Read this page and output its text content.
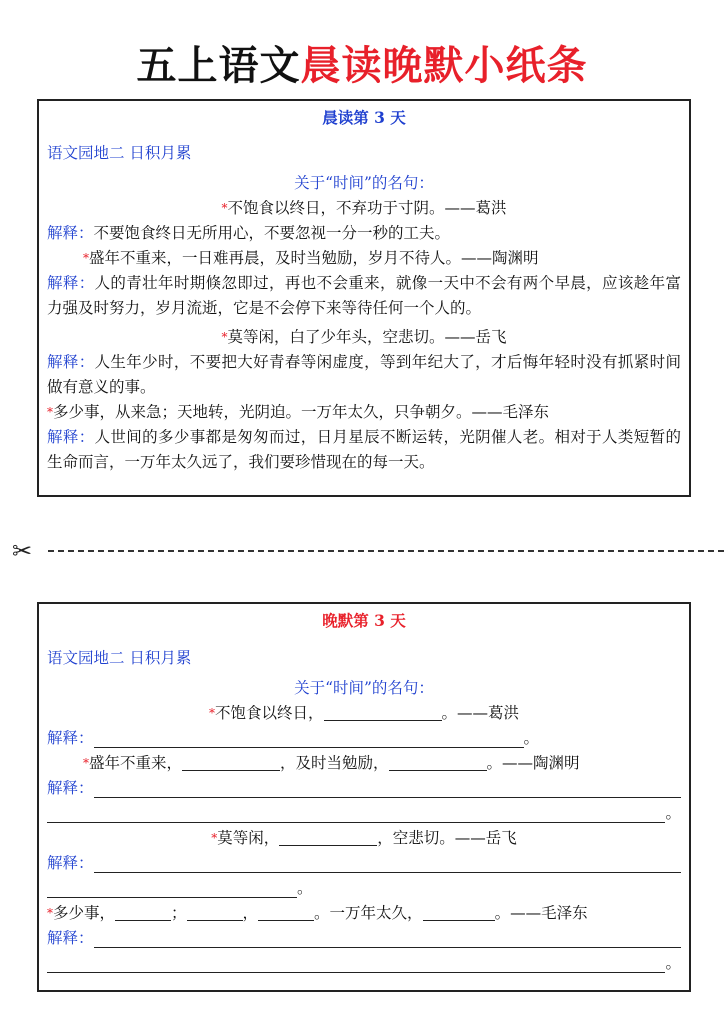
五上语文晨读晚默小纸条
晨读第 3 天
语文园地二 日积月累
关于“时间”的名句：
*不饱食以终日，不弃功于寸阴。——葛洪
解释：不要饱食终日无所用心，不要忽视一分一秒的工夫。
*盛年不重来，一日难再晨，及时当勉励，岁月不待人。——陶渊明
解释：人的青壮年时期倏忽即过，再也不会重来，就像一天中不会有两个早晨，应该趁年富力强及时努力，岁月流逝，它是不会停下来等待任何一个人的。
*莫等闲，白了少年头，空悲切。——岳飞
解释：人生年少时，不要把大好青春等闲虚度，等到年纪大了，才后悔年轻时没有抓紧时间做有意义的事。
*多少事，从来急；天地转，光阴迫。一万年太久，只争朝夕。——毛泽东
解释：人世间的多少事都是匆匆而过，日月星辰不断运转，光阴催人老。相对于人类短暂的生命而言，一万年太久远了，我们要珍惜现在的每一天。
✂
晚默第 3 天
语文园地二 日积月累
关于“时间”的名句：
*不饱食以终日，	。——葛洪
解释：	。
*盛年不重来，	，及时当勉励，	。——陶渊明
解释：
。
*莫等闲，	，空悲切。——岳飞
解释：
。
*多少事，	；	，	。一万年太久，	。——毛泽东
解释：
。
